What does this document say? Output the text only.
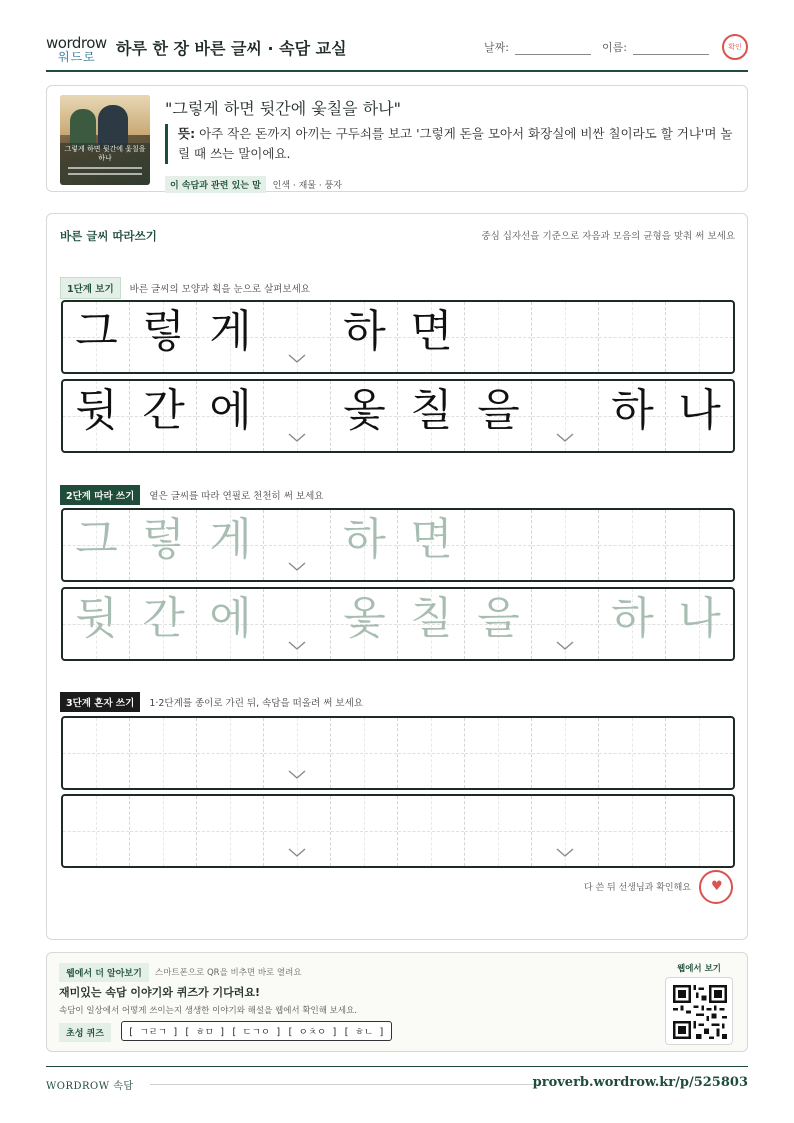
wordrow
워드로 하루 한 장 바른 글씨 · 속담 교실	날짜:	이름:	확인
그렇게 하면 뒷간에 옻칠을 하나
"그렇게 하면 뒷간에 옻칠을 하나"
뜻: 아주 작은 돈까지 아끼는 구두쇠를 보고 '그렇게 돈을 모아서 화장실에 비싼 칠이라도 할 거냐'며 놀릴 때 쓰는 말이에요.
이 속담과 관련 있는 말 인색 · 재물 · 풍자
바른 글씨 따라쓰기	중심 십자선을 기준으로 자음과 모음의 균형을 맞춰 써 보세요
1단계 보기 바른 글씨의 모양과 획을 눈으로 살펴보세요
그 렇 게 하 면
뒷 간 에 옻 칠 을 하 나
2단계 따라 쓰기 옅은 글씨를 따라 연필로 천천히 써 보세요
그 렇 게 하 면
뒷 간 에 옻 칠 을 하 나
3단계 혼자 쓰기 1·2단계를 종이로 가린 뒤, 속담을 떠올려 써 보세요
다 쓴 뒤 선생님과 확인해요 ♥
웹에서 더 알아보기	스마트폰으로 QR을 비추면 바로 열려요
재미있는 속담 이야기와 퀴즈가 기다려요!
속담이 일상에서 어떻게 쓰이는지 생생한 이야기와 해설을 웹에서 확인해 보세요.
초성 퀴즈	[ ㄱㄹㄱ ] [ ㅎㅁ ] [ ㄷㄱㅇ ] [ ㅇㅊㅇ ] [ ㅎㄴ ]
웹에서 보기
WORDROW 속담	proverb.wordrow.kr/p/525803
